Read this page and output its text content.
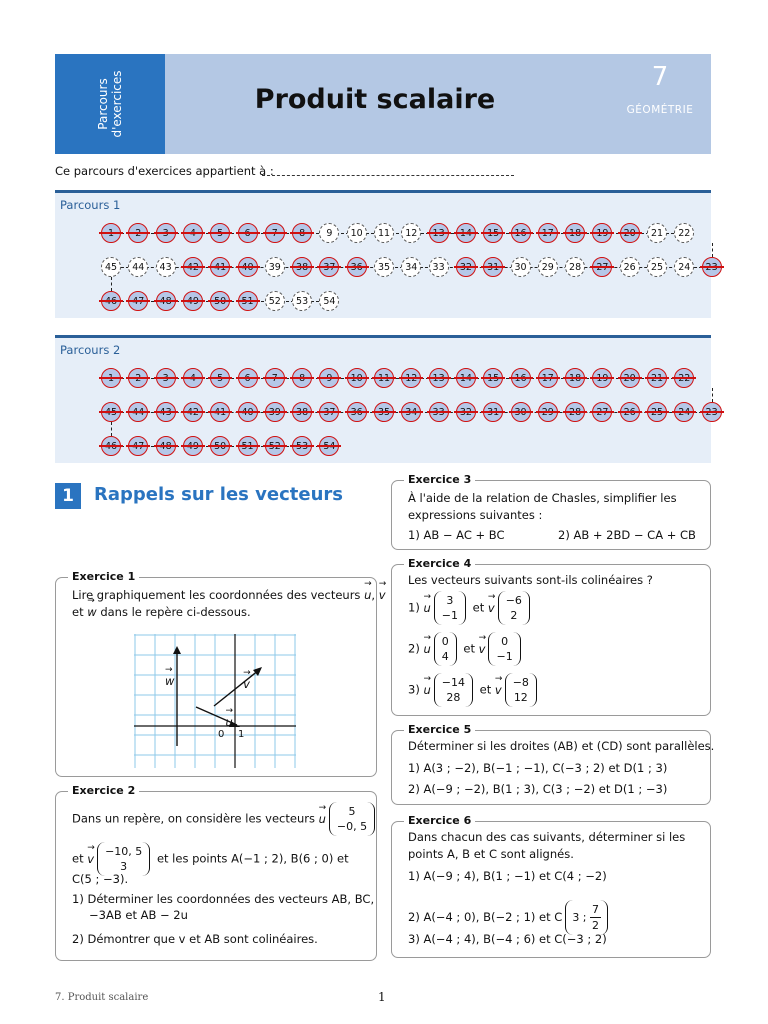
Parcours d'exercices	Produit scalaire
7
GÉOMÉTRIE
Ce parcours d'exercices appartient à :
Parcours 1
9	10	11	12	21	22
45	44	43	39	35	34	33	30	29	28	26	25	24
52	53	54
Parcours 2
1	Rappels sur les vecteurs
Exercice 1
Lire graphiquement les coordonnées des vecteurs → u, → v
et → w dans le repère ci-dessous.
→ w	→ v → u
0 1
Exercice 2
Dans un repère, on considère les vecteurs → u 5
−0, 5
et → v −10, 5
3
et les points A(−1 ; 2), B(6 ; 0) et
C(5 ; −3).
1) Déterminer les coordonnées des vecteurs AB, BC,
−3AB et AB − 2u
2) Démontrer que v et AB sont colinéaires.
Exercice 3
À l'aide de la relation de Chasles, simplifier les expressions suivantes :
1) AB − AC + BC	2) AB + 2BD − CA + CB
Exercice 4
Les vecteurs suivants sont-ils colinéaires ?
1) → u 3
−1
et → v −6
2
2) → u 0
4
et → v 0
−1
3) → u −14
28
et → v −8
12
Exercice 5
Déterminer si les droites (AB) et (CD) sont parallèles.
1) A(3 ; −2), B(−1 ; −1), C(−3 ; 2) et D(1 ; 3)
2) A(−9 ; −2), B(1 ; 3), C(3 ; −2) et D(1 ; −3)
Exercice 6
Dans chacun des cas suivants, déterminer si les points A, B et C sont alignés.
1) A(−9 ; 4), B(1 ; −1) et C(4 ; −2)
2) A(−4 ; 0), B(−2 ; 1) et C 3 ;
$\frac{7}{2}$
3) A(−4 ; 4), B(−4 ; 6) et C(−3 ; 2)
7. Produit scalaire	1
